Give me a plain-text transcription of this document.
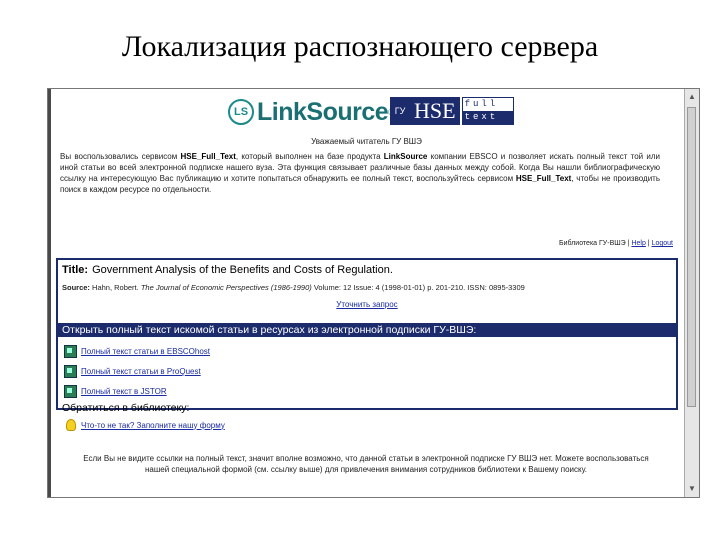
Локализация распознающего сервера
LS LinkSource ГУ HSE	full
text
Уважаемый читатель ГУ ВШЭ
Вы воспользовались сервисом HSE_Full_Text, который выполнен на базе продукта LinkSource компании EBSCO и позволяет искать полный текст той или иной статьи во всей электронной подписке нашего вуза. Эта функция связывает различные базы данных между собой. Когда Вы нашли библиографическую ссылку на интересующую Вас публикацию и хотите попытаться обнаружить ее полный текст, воспользуйтесь сервисом HSE_Full_Text, чтобы не производить поиск в каждом ресурсе по отдельности.
Библиотека ГУ-ВШЭ | Help | Logout
Title: Government Analysis of the Benefits and Costs of Regulation.
Source: Hahn, Robert. The Journal of Economic Perspectives (1986-1990) Volume: 12 Issue: 4 (1998-01-01) p. 201-210. ISSN: 0895-3309
Уточнить запрос
Открыть полный текст искомой статьи в ресурсах из электронной подписки ГУ-ВШЭ:
Полный текст статьи в EBSCOhost
Полный текст статьи в ProQuest
Полный текст в JSTOR
Обратиться в библиотеку:
Что-то не так? Заполните нашу форму
Если Вы не видите ссылки на полный текст, значит вполне возможно, что данной статьи в электронной подписке ГУ ВШЭ нет. Можете воспользоваться нашей специальной формой (см. ссылку выше) для привлечения внимания сотрудников библиотеки к Вашему поиску.
▲
▼
